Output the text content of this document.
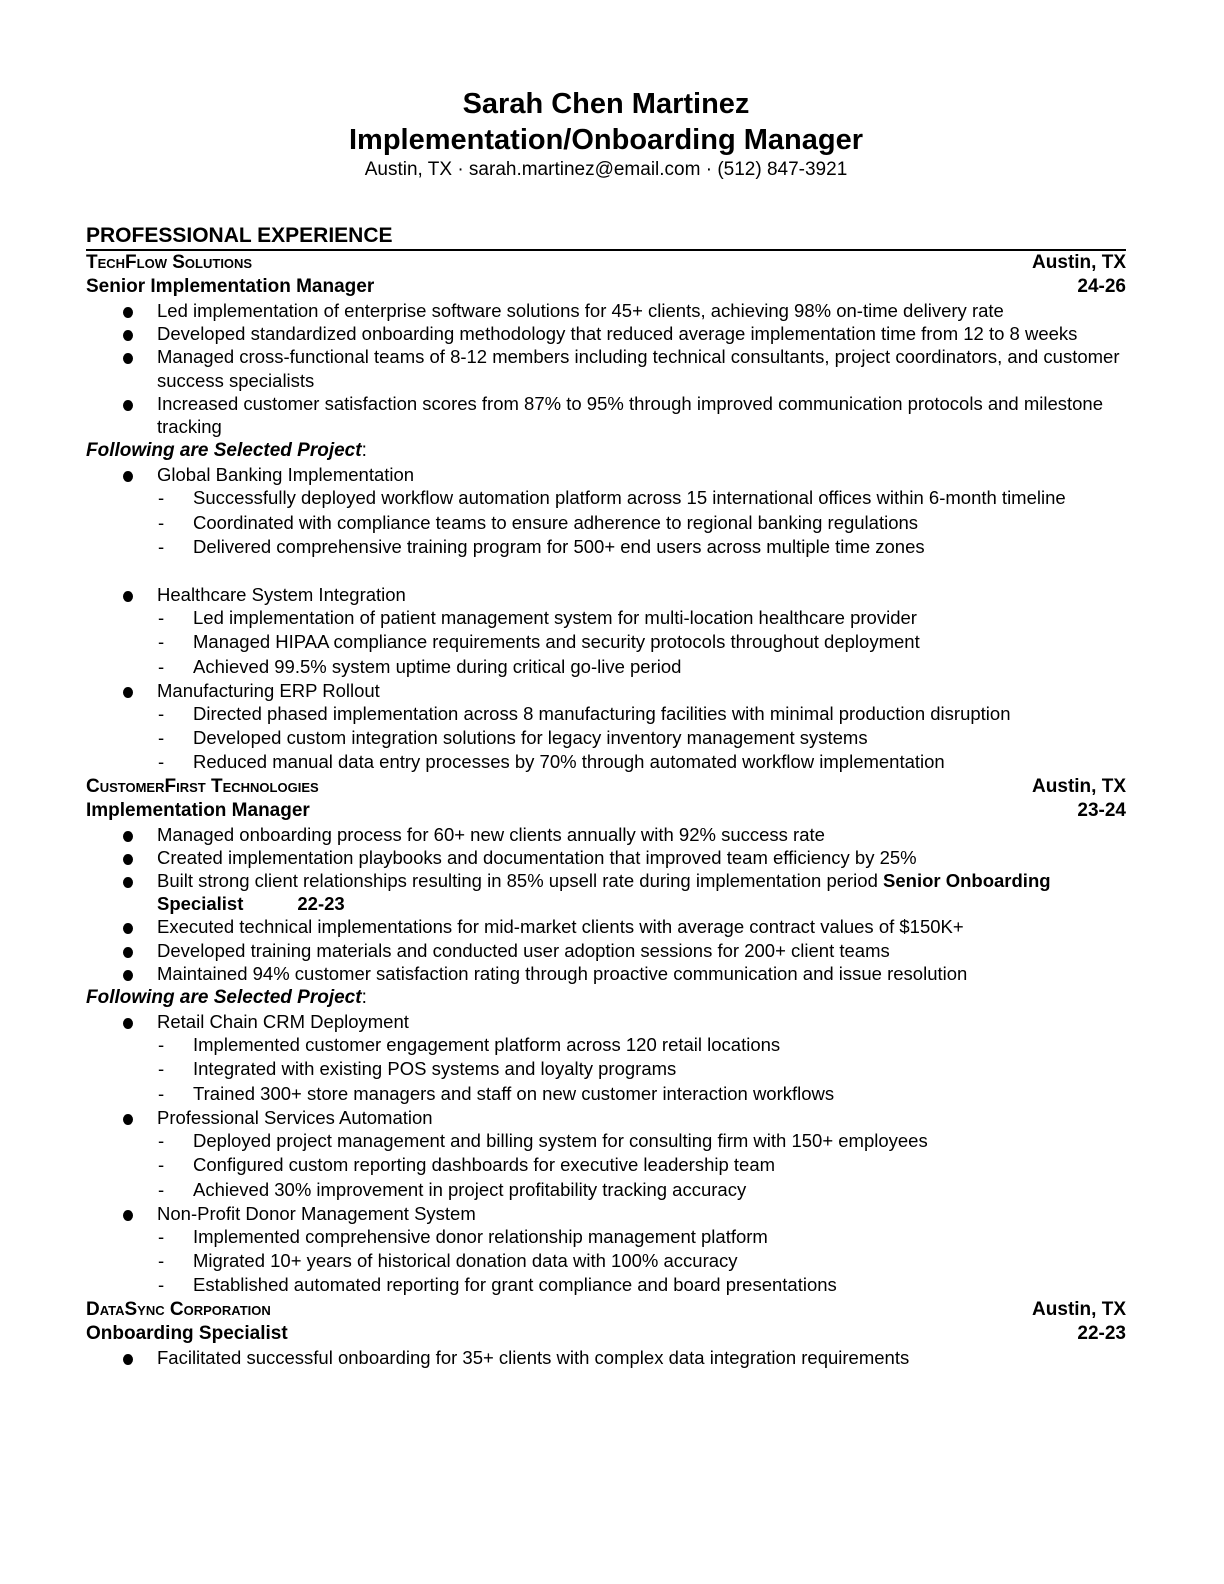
Sarah Chen Martinez
Implementation/Onboarding Manager
Austin, TX · sarah.martinez@email.com · (512) 847-3921
PROFESSIONAL EXPERIENCE
TechFlow Solutions	Austin, TX
Senior Implementation Manager	24-26
Led implementation of enterprise software solutions for 45+ clients, achieving 98% on-time delivery rate
Developed standardized onboarding methodology that reduced average implementation time from 12 to 8 weeks
Managed cross-functional teams of 8-12 members including technical consultants, project coordinators, and customer success specialists
Increased customer satisfaction scores from 87% to 95% through improved communication protocols and milestone tracking
Following are Selected Project:
Global Banking Implementation
- Successfully deployed workflow automation platform across 15 international offices within 6-month timeline
- Coordinated with compliance teams to ensure adherence to regional banking regulations
- Delivered comprehensive training program for 500+ end users across multiple time zones
Healthcare System Integration
- Led implementation of patient management system for multi-location healthcare provider
- Managed HIPAA compliance requirements and security protocols throughout deployment
- Achieved 99.5% system uptime during critical go-live period
Manufacturing ERP Rollout
- Directed phased implementation across 8 manufacturing facilities with minimal production disruption
- Developed custom integration solutions for legacy inventory management systems
- Reduced manual data entry processes by 70% through automated workflow implementation
CustomerFirst Technologies	Austin, TX
Implementation Manager	23-24
Managed onboarding process for 60+ new clients annually with 92% success rate
Created implementation playbooks and documentation that improved team efficiency by 25%
Built strong client relationships resulting in 85% upsell rate during implementation period Senior Onboarding Specialist	22-23
Executed technical implementations for mid-market clients with average contract values of $150K+
Developed training materials and conducted user adoption sessions for 200+ client teams
Maintained 94% customer satisfaction rating through proactive communication and issue resolution
Following are Selected Project:
Retail Chain CRM Deployment
- Implemented customer engagement platform across 120 retail locations
- Integrated with existing POS systems and loyalty programs
- Trained 300+ store managers and staff on new customer interaction workflows
Professional Services Automation
- Deployed project management and billing system for consulting firm with 150+ employees
- Configured custom reporting dashboards for executive leadership team
- Achieved 30% improvement in project profitability tracking accuracy
Non-Profit Donor Management System
- Implemented comprehensive donor relationship management platform
- Migrated 10+ years of historical donation data with 100% accuracy
- Established automated reporting for grant compliance and board presentations
DataSync Corporation	Austin, TX
Onboarding Specialist	22-23
Facilitated successful onboarding for 35+ clients with complex data integration requirements
